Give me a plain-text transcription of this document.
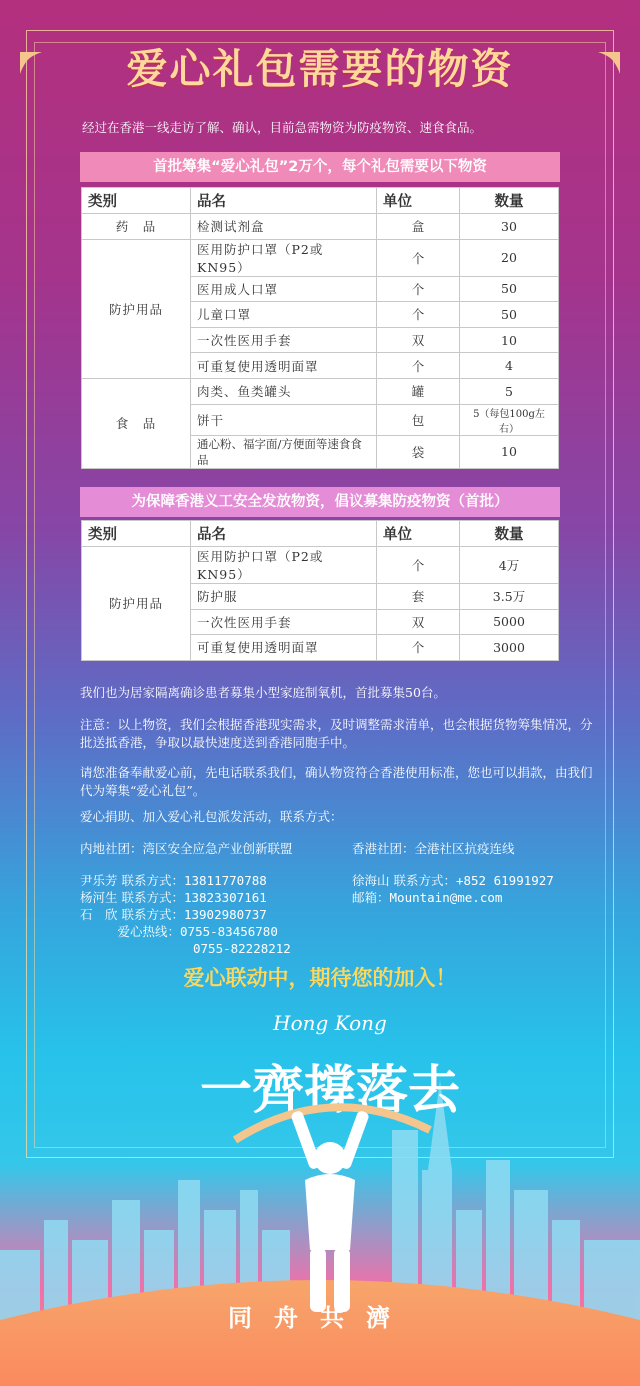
爱心礼包需要的物资
经过在香港一线走访了解、确认，目前急需物资为防疫物资、速食食品。
首批筹集“爱心礼包”2万个，每个礼包需要以下物资
类别	品名	单位	数量
药　品	检测试剂盒	盒	30
防护用品	医用防护口罩（P2或KN95）	个	20
	医用成人口罩	个	50
	儿童口罩	个	50
	一次性医用手套	双	10
	可重复使用透明面罩	个	4
食　品	肉类、鱼类罐头	罐	5
	饼干	包	5（每包100g左右）
	通心粉、福字面/方便面等速食食品	袋	10
为保障香港义工安全发放物资，倡议募集防疫物资（首批）
类别	品名	单位	数量
防护用品	医用防护口罩（P2或KN95）	个	4万
	防护服	套	3.5万
	一次性医用手套	双	5000
	可重复使用透明面罩	个	3000
我们也为居家隔离确诊患者募集小型家庭制氧机，首批募集50台。
注意：以上物资，我们会根据香港现实需求，及时调整需求清单，也会根据货物筹集情况，分批送抵香港，争取以最快速度送到香港同胞手中。
请您准备奉献爱心前，先电话联系我们，确认物资符合香港使用标准，您也可以捐款，由我们代为筹集“爱心礼包”。
爱心捐助、加入爱心礼包派发活动，联系方式：
内地社团：湾区安全应急产业创新联盟	香港社团：全港社区抗疫连线
尹乐芳 联系方式：13811770788
杨河生 联系方式：13823307161
石　欣 联系方式：13902980737
　　　爱心热线：0755-83456780
0755-82228212
徐海山 联系方式：+852 61991927
邮箱：Mountain@me.com
爱心联动中，期待您的加入！
Hong Kong
一齊撐落去
同舟共濟
